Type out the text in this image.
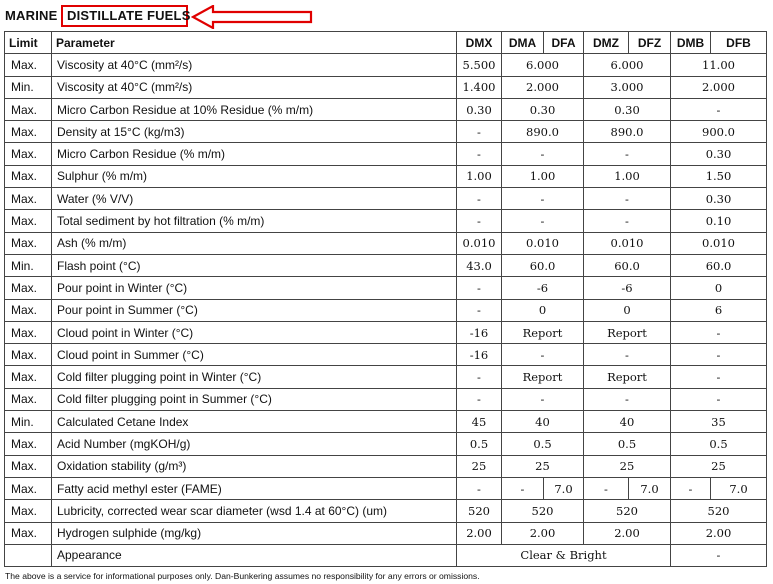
MARINE DISTILLATE FUELS
Limit	Parameter	DMX	DMA	DFA	DMZ	DFZ	DMB	DFB
Max.	Viscosity at 40°C (mm²/s)	5.500	6.000		6.000		11.00	
Min.	Viscosity at 40°C (mm²/s)	1.400	2.000		3.000		2.000	
Max.	Micro Carbon Residue at 10% Residue (% m/m)	0.30	0.30		0.30		-	
Max.	Density at 15°C (kg/m3)	-	890.0		890.0		900.0	
Max.	Micro Carbon Residue (% m/m)	-	-		-		0.30	
Max.	Sulphur (% m/m)	1.00	1.00		1.00		1.50	
Max.	Water (% V/V)	-	-		-		0.30	
Max.	Total sediment by hot filtration (% m/m)	-	-		-		0.10	
Max.	Ash (% m/m)	0.010	0.010		0.010		0.010	
Min.	Flash point (°C)	43.0	60.0		60.0		60.0	
Max.	Pour point in Winter (°C)	-	-6		-6		0	
Max.	Pour point in Summer (°C)	-	0		0		6	
Max.	Cloud point in Winter (°C)	-16	Report		Report		-	
Max.	Cloud point in Summer (°C)	-16	-		-		-	
Max.	Cold filter plugging point in Winter (°C)	-	Report		Report		-	
Max.	Cold filter plugging point in Summer (°C)	-	-		-		-	
Min.	Calculated Cetane Index	45	40		40		35	
Max.	Acid Number (mgKOH/g)	0.5	0.5		0.5		0.5	
Max.	Oxidation stability (g/m³)	25	25		25		25	
Max.	Fatty acid methyl ester (FAME)	-	-	7.0	-	7.0	-	7.0
Max.	Lubricity, corrected wear scar diameter (wsd 1.4 at 60°C) (um)	520	520		520		520	
Max.	Hydrogen sulphide (mg/kg)	2.00	2.00		2.00		2.00	
	Appearance	Clear & Bright					-	
The above is a service for informational purposes only. Dan-Bunkering assumes no responsibility for any errors or omissions.
